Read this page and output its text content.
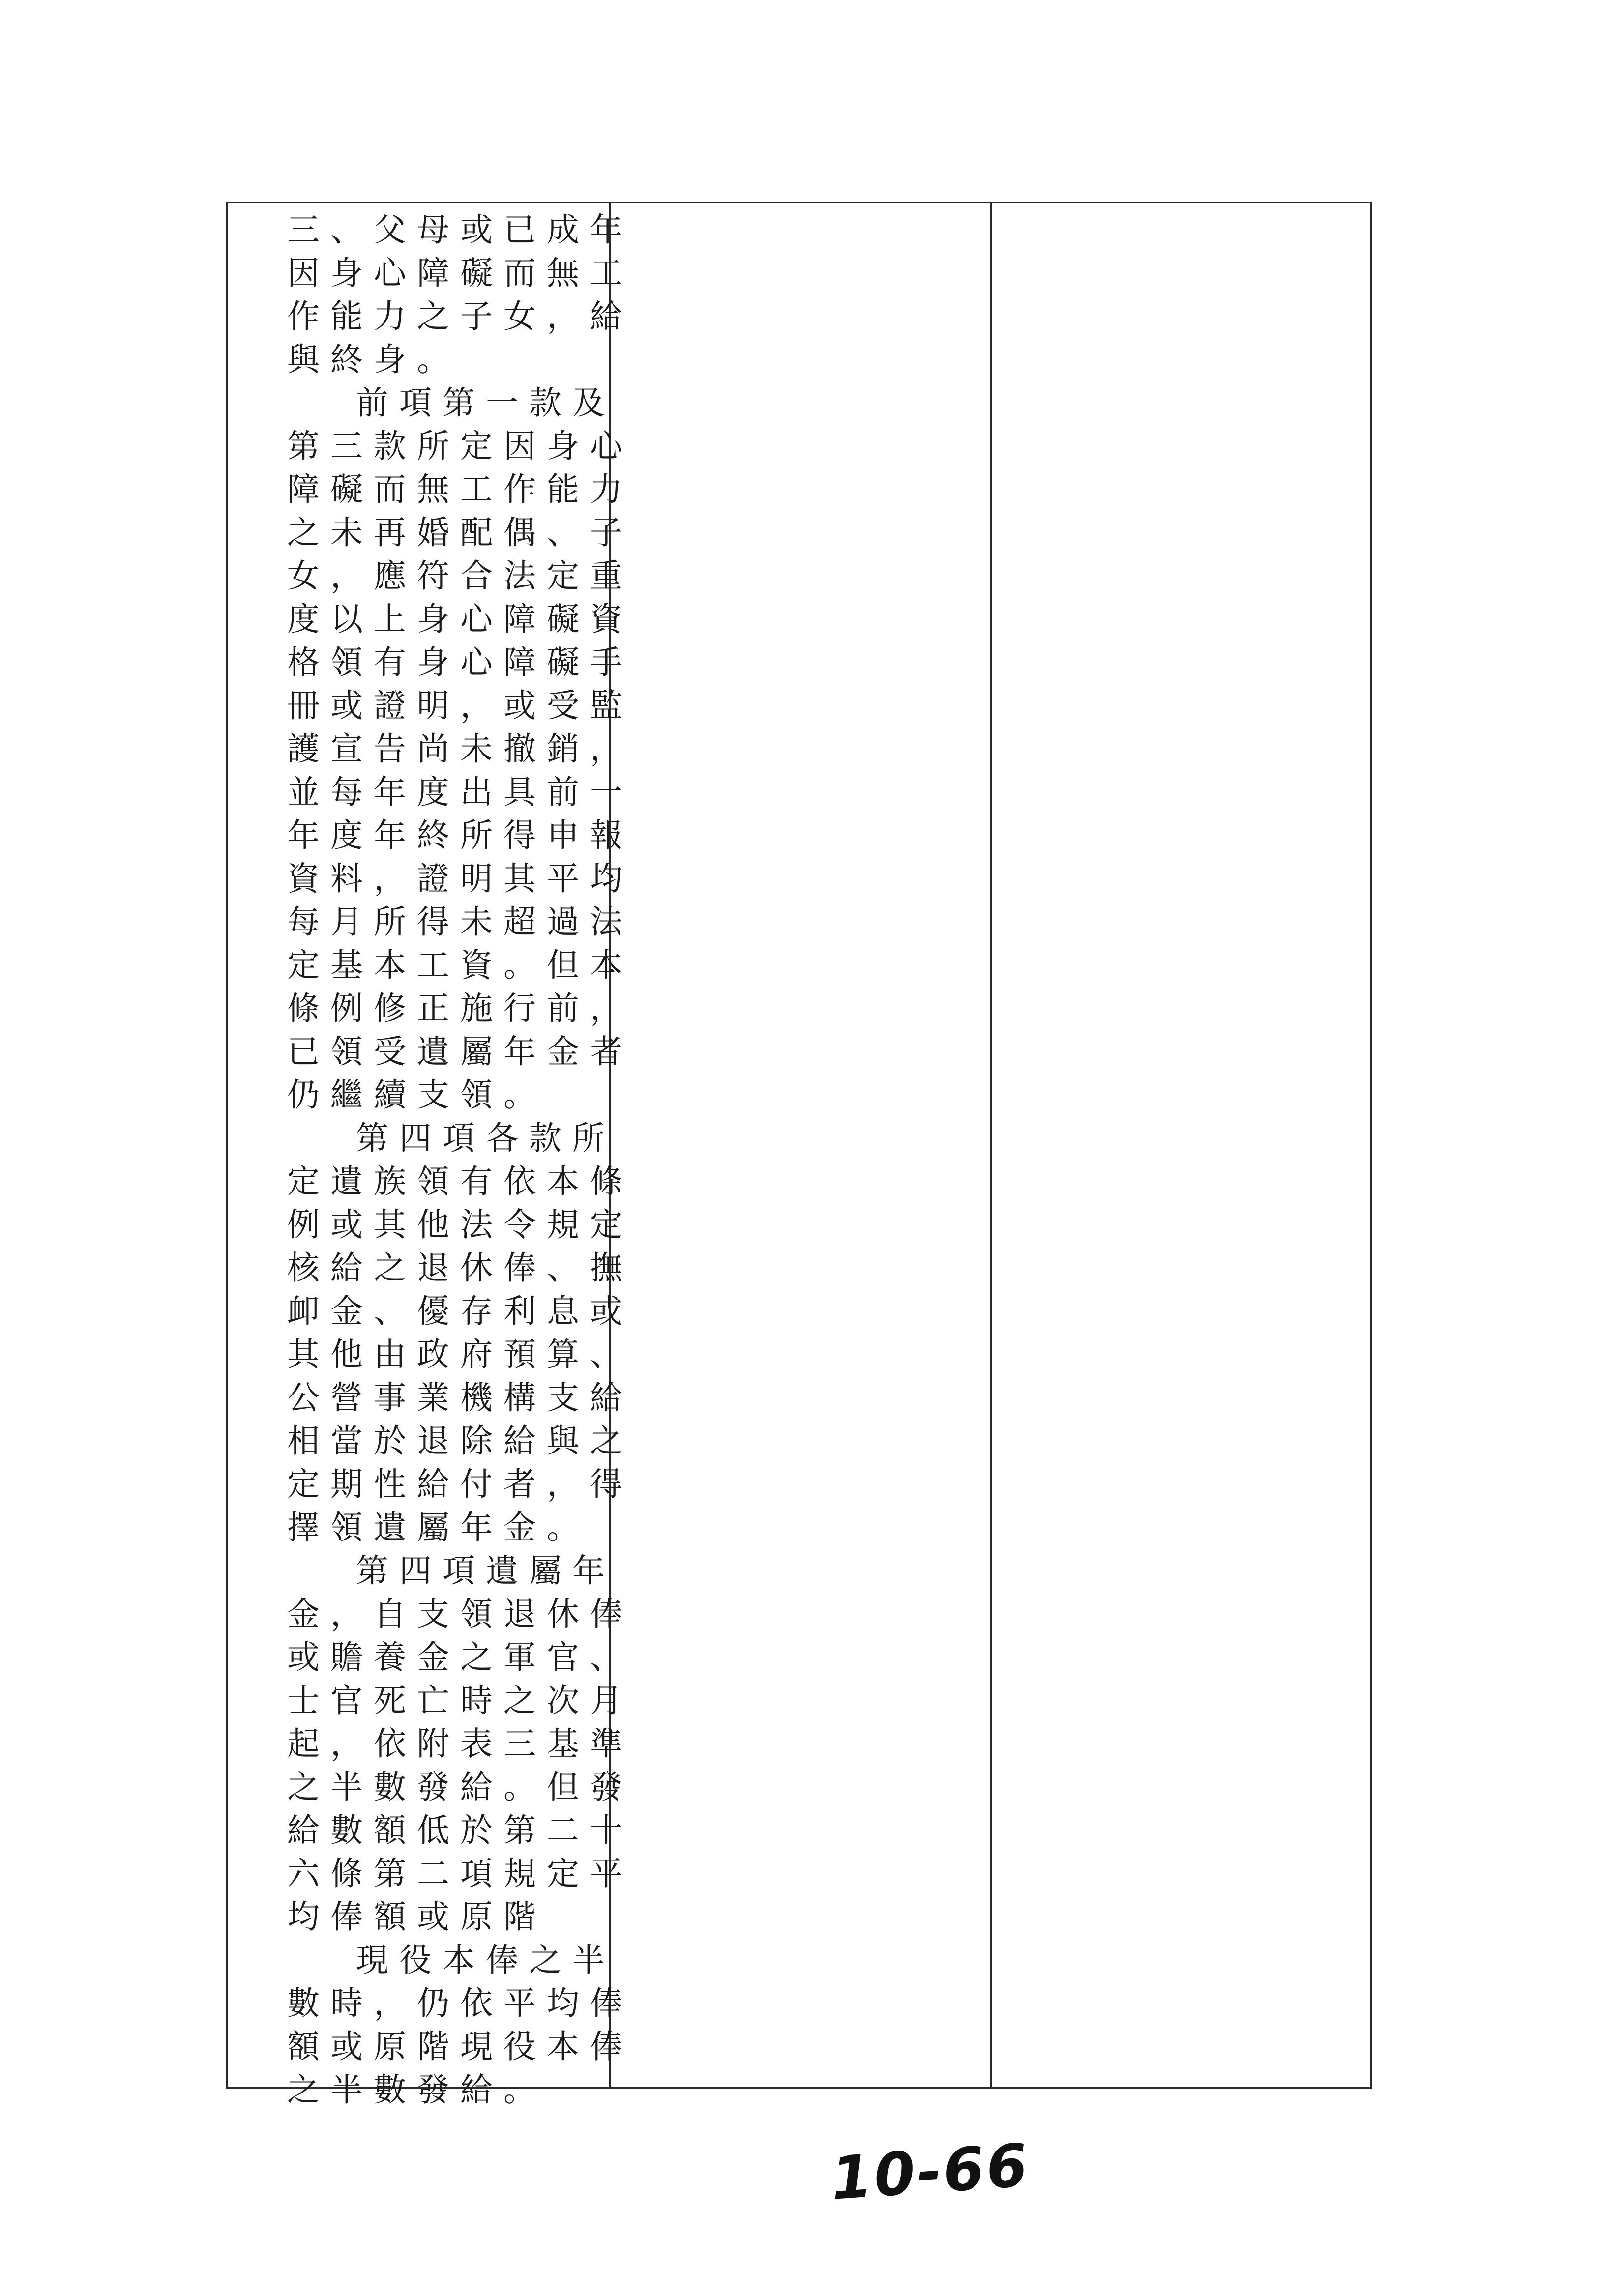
三、父母或已成年
因身心障礙而無工
作能力之子女，給
與終身。
前項第一款及
第三款所定因身心
障礙而無工作能力
之未再婚配偶、子
女，應符合法定重
度以上身心障礙資
格領有身心障礙手
冊或證明，或受監
護宣告尚未撤銷，
並每年度出具前一
年度年終所得申報
資料，證明其平均
每月所得未超過法
定基本工資。但本
條例修正施行前，
已領受遺屬年金者
仍繼續支領。
第四項各款所
定遺族領有依本條
例或其他法令規定
核給之退休俸、撫
卹金、優存利息或
其他由政府預算、
公營事業機構支給
相當於退除給與之
定期性給付者，得
擇領遺屬年金。
第四項遺屬年
金，自支領退休俸
或贍養金之軍官、
士官死亡時之次月
起，依附表三基準
之半數發給。但發
給數額低於第二十
六條第二項規定平
均俸額或原階
現役本俸之半
數時，仍依平均俸
額或原階現役本俸
之半數發給。
10-66
